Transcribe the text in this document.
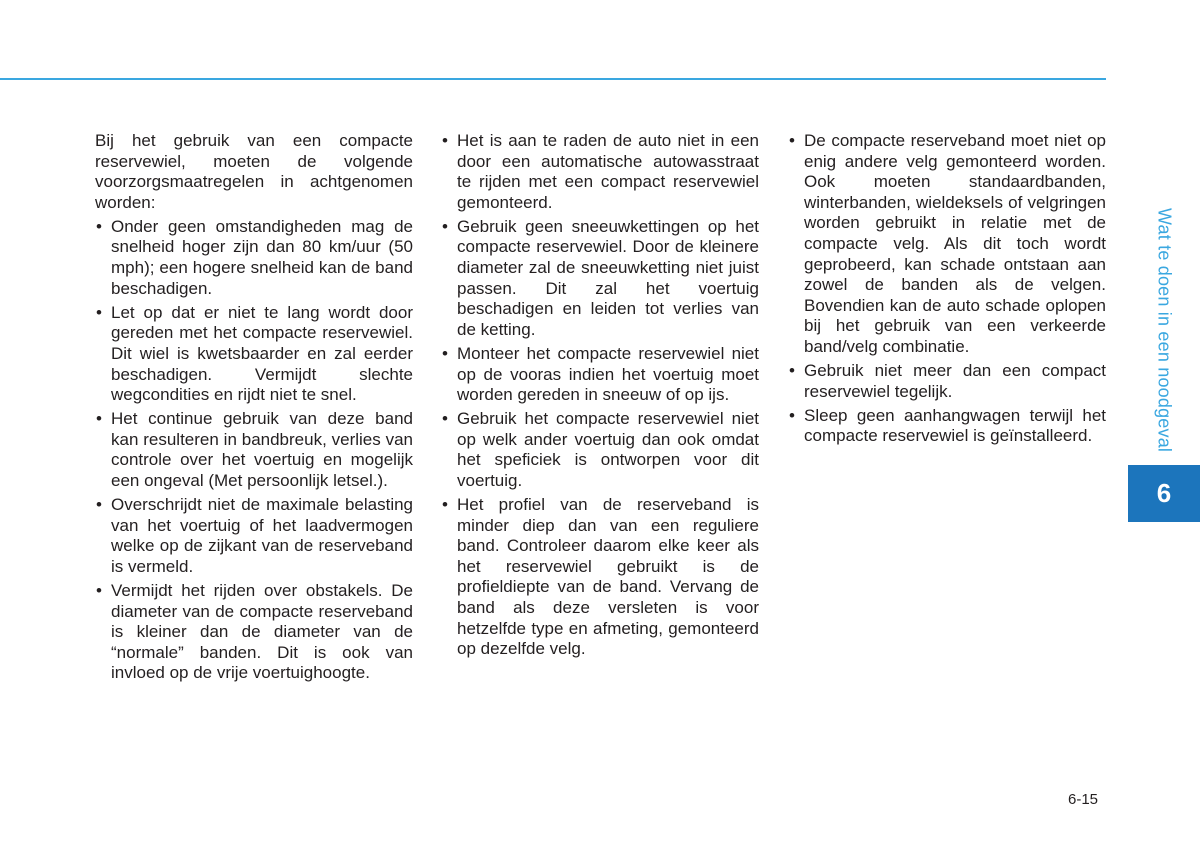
Bij het gebruik van een compacte reservewiel, moeten de volgende voorzorgsmaatregelen in achtgenomen worden:

• Onder geen omstandigheden mag de snelheid hoger zijn dan 80 km/uur (50 mph); een hogere snelheid kan de band beschadigen.
• Let op dat er niet te lang wordt door gereden met het compacte reservewiel. Dit wiel is kwetsbaarder en zal eerder beschadigen. Vermijdt slechte wegcondities en rijdt niet te snel.
• Het continue gebruik van deze band kan resulteren in bandbreuk, verlies van controle over het voertuig en mogelijk een ongeval (Met persoonlijk letsel.).
• Overschrijdt niet de maximale belasting van het voertuig of het laadvermogen welke op de zijkant van de reserveband is vermeld.
• Vermijdt het rijden over obstakels. De diameter van de compacte reserveband is kleiner dan de diameter van de “normale” banden. Dit is ook van invloed op de vrije voertuighoogte.
• Het is aan te raden de auto niet in een door een automatische autowasstraat te rijden met een compact reservewiel gemonteerd.
• Gebruik geen sneeuwkettingen op het compacte reservewiel. Door de kleinere diameter zal de sneeuwketting niet juist passen. Dit zal het voertuig beschadigen en leiden tot verlies van de ketting.
• Monteer het compacte reservewiel niet op de vooras indien het voertuig moet worden gereden in sneeuw of op ijs.
• Gebruik het compacte reservewiel niet op welk ander voertuig dan ook omdat het speficiek is ontworpen voor dit voertuig.
• Het profiel van de reserveband is minder diep dan van een reguliere band. Controleer daarom elke keer als het reservewiel gebruikt is de profieldiepte van de band. Vervang de band als deze versleten is voor hetzelfde type en afmeting, gemonteerd op dezelfde velg.
• De compacte reserveband moet niet op enig andere velg gemonteerd worden. Ook moeten standaardbanden, winterbanden, wieldeksels of velgringen worden gebruikt in relatie met de compacte velg. Als dit toch wordt geprobeerd, kan schade ontstaan aan zowel de banden als de velgen. Bovendien kan de auto schade oplopen bij het gebruik van een verkeerde band/velg combinatie.
• Gebruik niet meer dan een compact reservewiel tegelijk.
• Sleep geen aanhangwagen terwijl het compacte reservewiel is geïnstalleerd.	Wat te doen in een noodgeval
6
6-15
